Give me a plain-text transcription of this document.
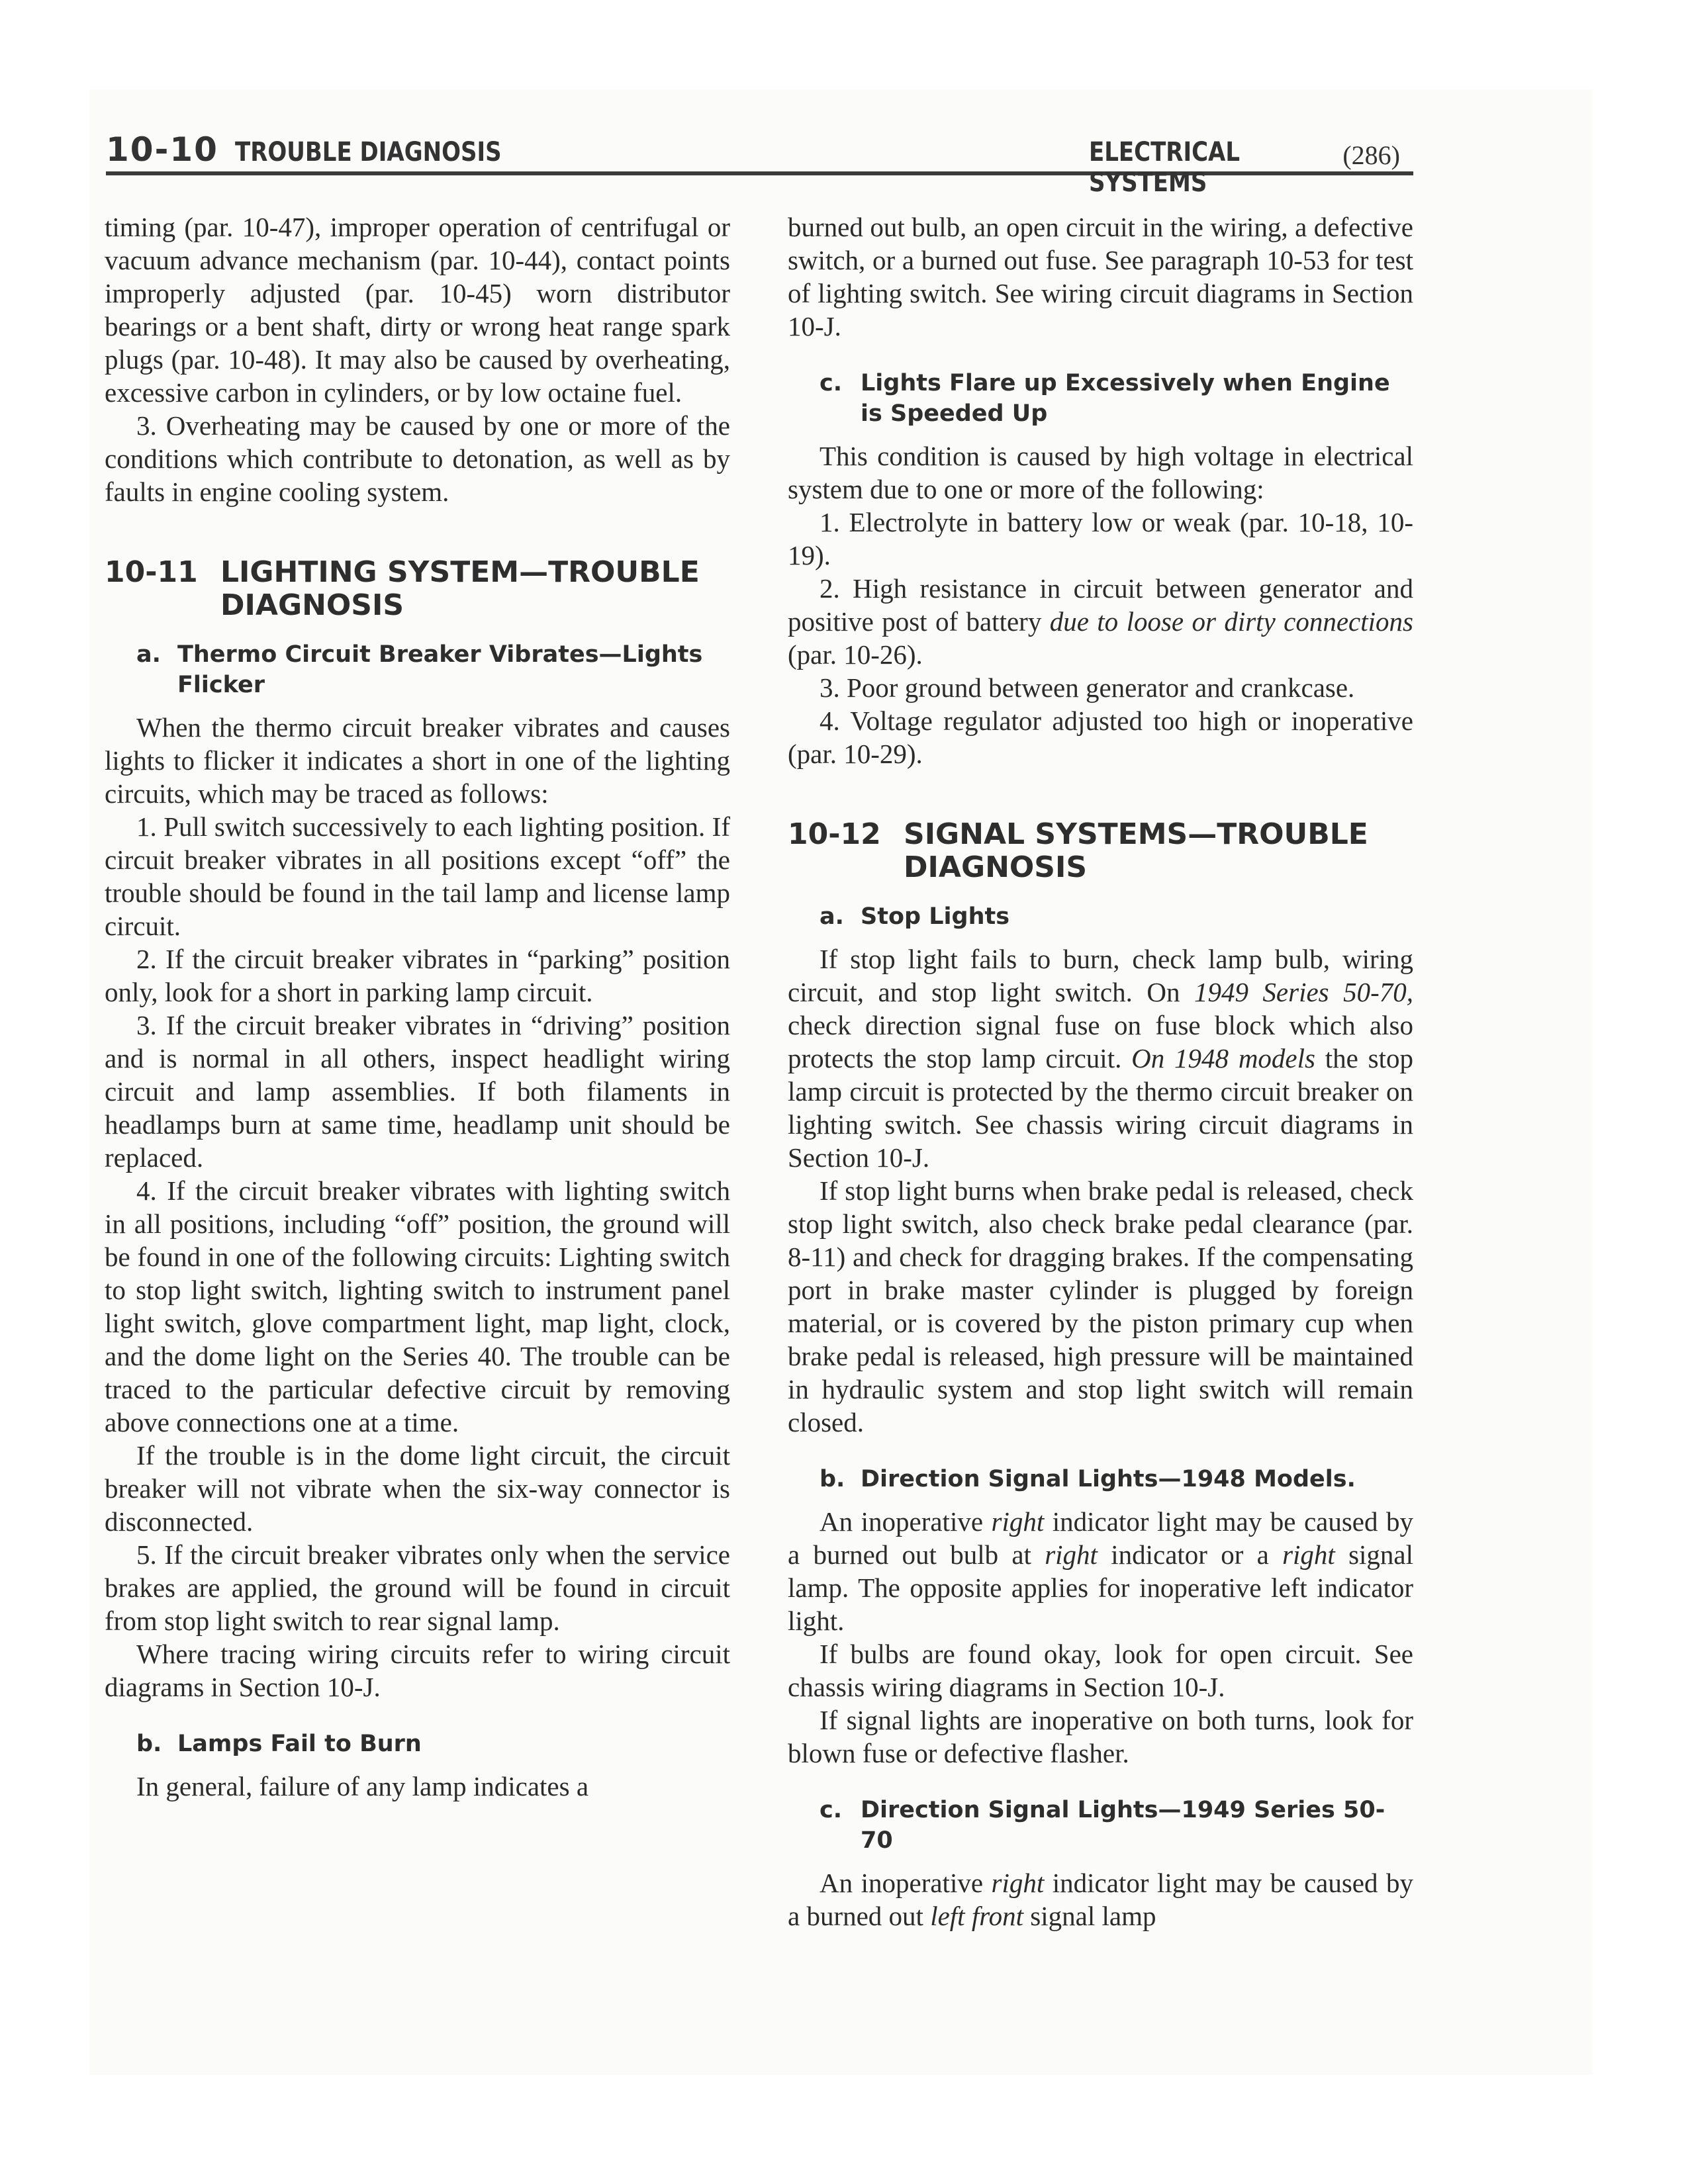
10-10 TROUBLE DIAGNOSIS	ELECTRICAL SYSTEMS
(286)

timing (par. 10-47), improper operation of centrifugal or vacuum advance mechanism (par. 10-44), contact points improperly adjusted (par. 10-45) worn distributor bearings or a bent shaft, dirty or wrong heat range spark plugs (par. 10-48). It may also be caused by overheating, excessive carbon in cylinders, or by low octaine fuel.

3. Overheating may be caused by one or more of the conditions which contribute to detonation, as well as by faults in engine cooling system.

10-11 LIGHTING SYSTEM—TROUBLE DIAGNOSIS
a. Thermo Circuit Breaker Vibrates—Lights Flicker

When the thermo circuit breaker vibrates and causes lights to flicker it indicates a short in one of the lighting circuits, which may be traced as follows:

1. Pull switch successively to each lighting position. If circuit breaker vibrates in all positions except “off” the trouble should be found in the tail lamp and license lamp circuit.

2. If the circuit breaker vibrates in “parking” position only, look for a short in parking lamp circuit.

3. If the circuit breaker vibrates in “driving” position and is normal in all others, inspect headlight wiring circuit and lamp assemblies. If both filaments in headlamps burn at same time, headlamp unit should be replaced.

4. If the circuit breaker vibrates with lighting switch in all positions, including “off” position, the ground will be found in one of the following circuits: Lighting switch to stop light switch, lighting switch to instrument panel light switch, glove compartment light, map light, clock, and the dome light on the Series 40. The trouble can be traced to the particular defective circuit by removing above connections one at a time.

If the trouble is in the dome light circuit, the circuit breaker will not vibrate when the six-way connector is disconnected.

5. If the circuit breaker vibrates only when the service brakes are applied, the ground will be found in circuit from stop light switch to rear signal lamp.

Where tracing wiring circuits refer to wiring circuit diagrams in Section 10-J.

b. Lamps Fail to Burn

In general, failure of any lamp indicates a

burned out bulb, an open circuit in the wiring, a defective switch, or a burned out fuse. See paragraph 10-53 for test of lighting switch. See wiring circuit diagrams in Section 10-J.

c. Lights Flare up Excessively when Engine is Speeded Up

This condition is caused by high voltage in electrical system due to one or more of the following:

1. Electrolyte in battery low or weak (par. 10-18, 10-19).

2. High resistance in circuit between generator and positive post of battery due to loose or dirty connections (par. 10-26).

3. Poor ground between generator and crankcase.

4. Voltage regulator adjusted too high or inoperative (par. 10-29).

10-12 SIGNAL SYSTEMS—TROUBLE DIAGNOSIS
a. Stop Lights

If stop light fails to burn, check lamp bulb, wiring circuit, and stop light switch. On 1949 Series 50-70, check direction signal fuse on fuse block which also protects the stop lamp circuit. On 1948 models the stop lamp circuit is protected by the thermo circuit breaker on lighting switch. See chassis wiring circuit diagrams in Section 10-J.

If stop light burns when brake pedal is released, check stop light switch, also check brake pedal clearance (par. 8-11) and check for dragging brakes. If the compensating port in brake master cylinder is plugged by foreign material, or is covered by the piston primary cup when brake pedal is released, high pressure will be maintained in hydraulic system and stop light switch will remain closed.

b. Direction Signal Lights—1948 Models.

An inoperative right indicator light may be caused by a burned out bulb at right indicator or a right signal lamp. The opposite applies for inoperative left indicator light.

If bulbs are found okay, look for open circuit. See chassis wiring diagrams in Section 10-J.

If signal lights are inoperative on both turns, look for blown fuse or defective flasher.

c. Direction Signal Lights—1949 Series 50-70

An inoperative right indicator light may be caused by a burned out left front signal lamp
